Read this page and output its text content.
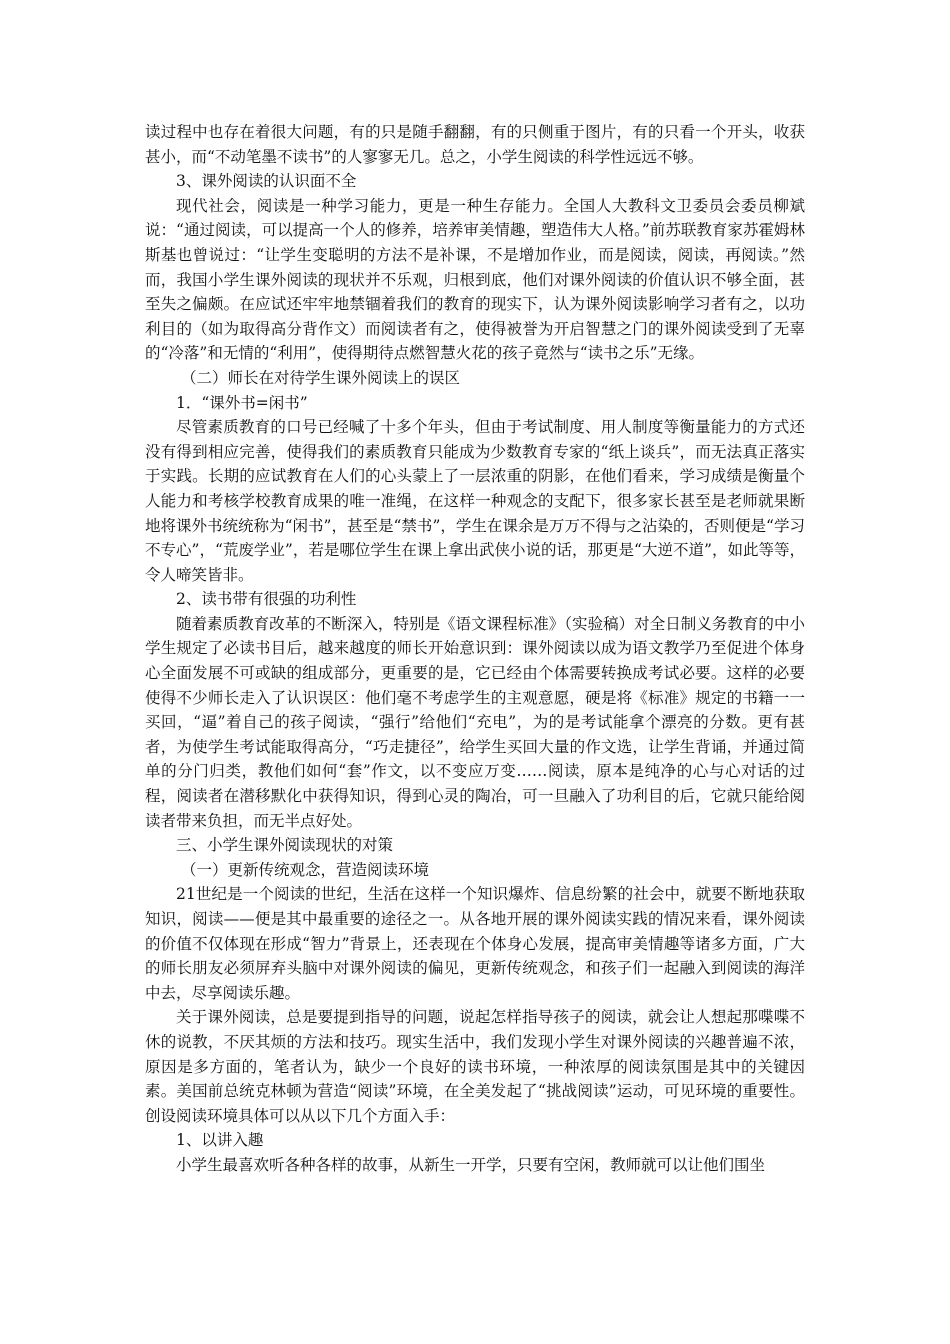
读过程中也存在着很大问题，有的只是随手翻翻，有的只侧重于图片，有的只看一个开头，收获甚小，而“不动笔墨不读书”的人寥寥无几。总之，小学生阅读的科学性远远不够。

3、课外阅读的认识面不全

现代社会，阅读是一种学习能力，更是一种生存能力。全国人大教科文卫委员会委员柳斌说：“通过阅读，可以提高一个人的修养，培养审美情趣，塑造伟大人格。”前苏联教育家苏霍姆林斯基也曾说过：“让学生变聪明的方法不是补课，不是增加作业，而是阅读，阅读，再阅读。”然而，我国小学生课外阅读的现状并不乐观，归根到底，他们对课外阅读的价值认识不够全面，甚至失之偏颇。在应试还牢牢地禁锢着我们的教育的现实下，认为课外阅读影响学习者有之，以功利目的（如为取得高分背作文）而阅读者有之，使得被誉为开启智慧之门的课外阅读受到了无辜的“冷落”和无情的“利用”，使得期待点燃智慧火花的孩子竟然与“读书之乐”无缘。

（二）师长在对待学生课外阅读上的误区

1．“课外书=闲书”

尽管素质教育的口号已经喊了十多个年头，但由于考试制度、用人制度等衡量能力的方式还没有得到相应完善，使得我们的素质教育只能成为少数教育专家的“纸上谈兵”，而无法真正落实于实践。长期的应试教育在人们的心头蒙上了一层浓重的阴影，在他们看来，学习成绩是衡量个人能力和考核学校教育成果的唯一准绳，在这样一种观念的支配下，很多家长甚至是老师就果断地将课外书统统称为“闲书”，甚至是“禁书”，学生在课余是万万不得与之沾染的，否则便是“学习不专心”，“荒废学业”，若是哪位学生在课上拿出武侠小说的话，那更是“大逆不道”，如此等等，令人啼笑皆非。

2、读书带有很强的功利性

随着素质教育改革的不断深入，特别是《语文课程标准》（实验稿）对全日制义务教育的中小学生规定了必读书目后，越来越度的师长开始意识到：课外阅读以成为语文教学乃至促进个体身心全面发展不可或缺的组成部分，更重要的是，它已经由个体需要转换成考试必要。这样的必要使得不少师长走入了认识误区：他们毫不考虑学生的主观意愿，硬是将《标准》规定的书籍一一买回，“逼”着自己的孩子阅读，“强行”给他们“充电”，为的是考试能拿个漂亮的分数。更有甚者，为使学生考试能取得高分，“巧走捷径”，给学生买回大量的作文选，让学生背诵，并通过简单的分门归类，教他们如何“套”作文，以不变应万变……阅读，原本是纯净的心与心对话的过程，阅读者在潜移默化中获得知识，得到心灵的陶冶，可一旦融入了功利目的后，它就只能给阅读者带来负担，而无半点好处。

三、小学生课外阅读现状的对策

（一）更新传统观念，营造阅读环境

21世纪是一个阅读的世纪，生活在这样一个知识爆炸、信息纷繁的社会中，就要不断地获取知识，阅读——便是其中最重要的途径之一。从各地开展的课外阅读实践的情况来看，课外阅读的价值不仅体现在形成“智力”背景上，还表现在个体身心发展，提高审美情趣等诸多方面，广大的师长朋友必须屏弃头脑中对课外阅读的偏见，更新传统观念，和孩子们一起融入到阅读的海洋中去，尽享阅读乐趣。

关于课外阅读，总是要提到指导的问题，说起怎样指导孩子的阅读，就会让人想起那喋喋不休的说教，不厌其烦的方法和技巧。现实生活中，我们发现小学生对课外阅读的兴趣普遍不浓，原因是多方面的，笔者认为，缺少一个良好的读书环境，一种浓厚的阅读氛围是其中的关键因素。美国前总统克林顿为营造“阅读”环境，在全美发起了“挑战阅读”运动，可见环境的重要性。创设阅读环境具体可以从以下几个方面入手：

1、以讲入趣

小学生最喜欢听各种各样的故事，从新生一开学，只要有空闲，教师就可以让他们围坐
